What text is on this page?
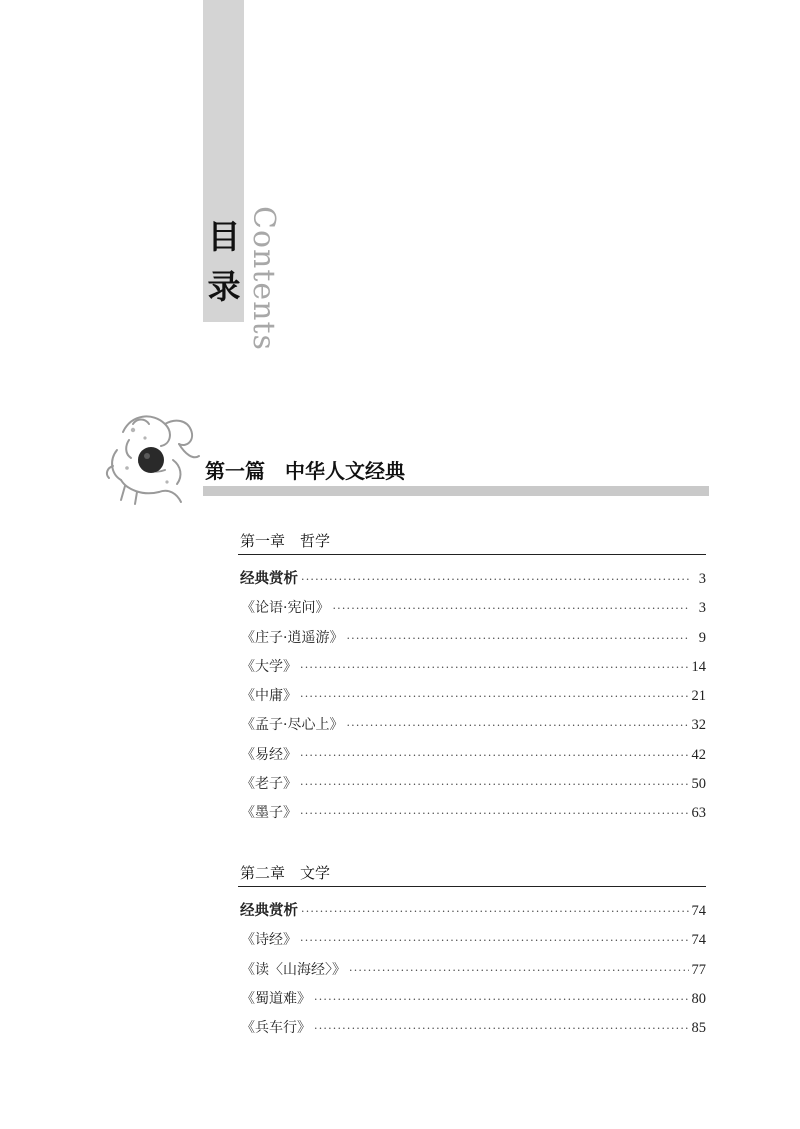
目录 Contents
第一篇　中华人文经典
第一章　哲学
经典赏析 ·····	3
《论语·宪问》 ·····	3
《庄子·逍遥游》 ·····	9
《大学》 ·····	14
《中庸》 ·····	21
《孟子·尽心上》 ·····	32
《易经》 ·····	42
《老子》 ·····	50
《墨子》 ·····	63
第二章　文学
经典赏析 ·····	74
《诗经》 ·····	74
《读〈山海经〉》 ·····	77
《蜀道难》 ·····	80
《兵车行》 ·····	85
